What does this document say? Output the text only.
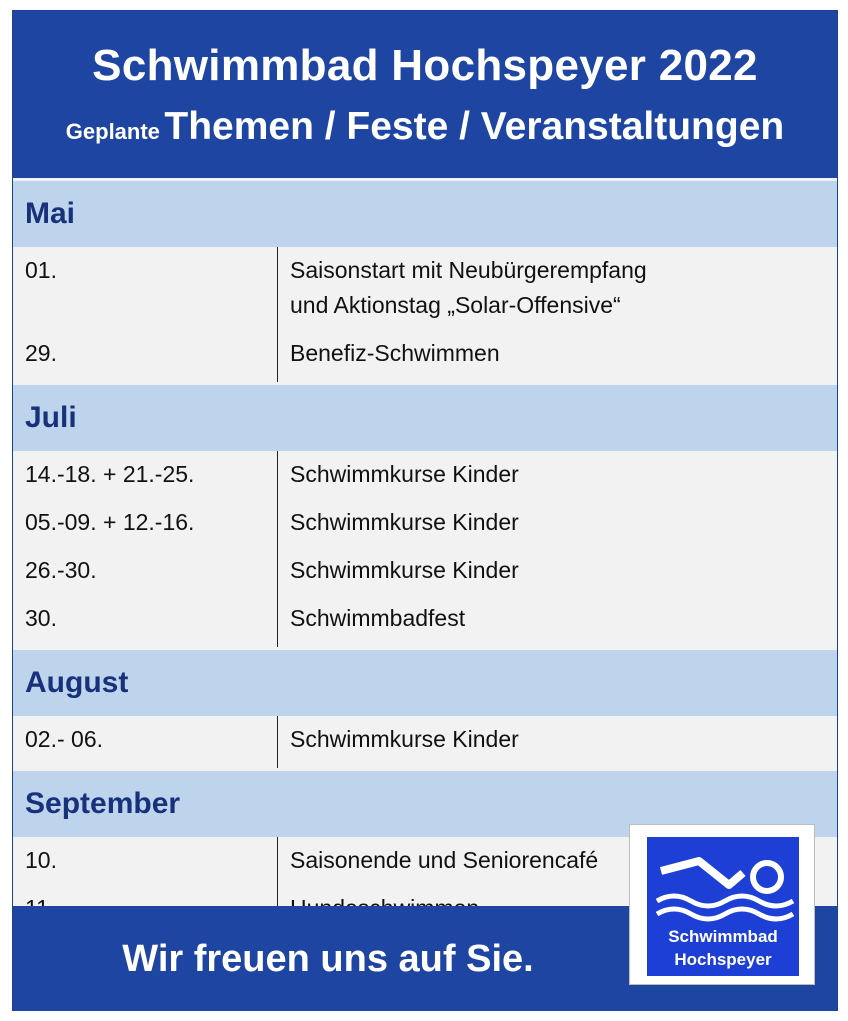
Schwimmbad Hochspeyer 2022
Geplante Themen / Feste / Veranstaltungen
Mai
01.	Saisonstart mit Neubürgerempfang
und Aktionstag „Solar-Offensive“
29.	Benefiz-Schwimmen
Juli
14.-18. + 21.-25.	Schwimmkurse Kinder
05.-09. + 12.-16.	Schwimmkurse Kinder
26.-30.	Schwimmkurse Kinder
30.	Schwimmbadfest
August
02.- 06.	Schwimmkurse Kinder
September
10.	Saisonende und Seniorencafé
Wir freuen uns auf Sie.
Schwimmbad
Hochspeyer
